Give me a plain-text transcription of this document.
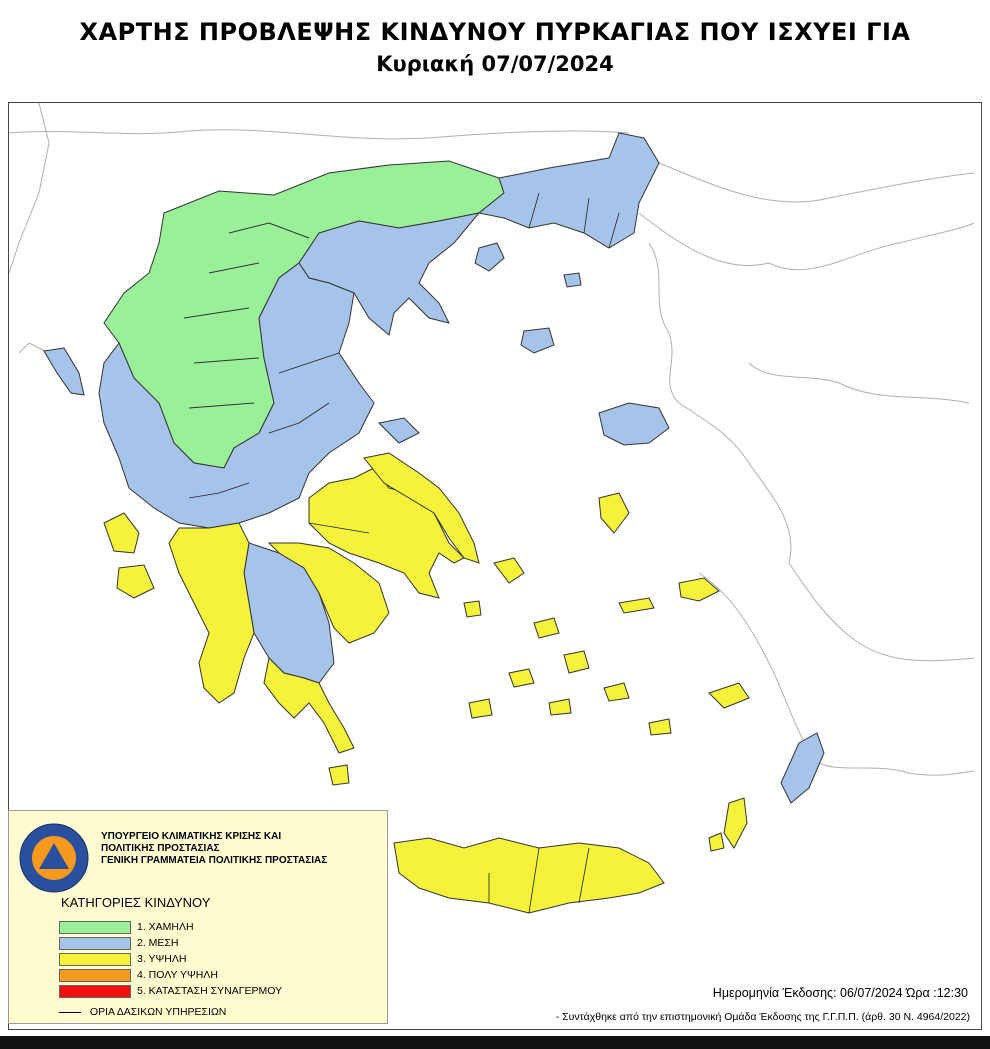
ΧΑΡΤΗΣ ΠΡΟΒΛΕΨΗΣ ΚΙΝΔΥΝΟΥ ΠΥΡΚΑΓΙΑΣ ΠΟΥ ΙΣΧΥΕΙ ΓΙΑ
Κυριακή 07/07/2024
ΥΠΟΥΡΓΕΙΟ ΚΛΙΜΑΤΙΚΗΣ ΚΡΙΣΗΣ ΚΑΙ
ΠΟΛΙΤΙΚΗΣ ΠΡΟΣΤΑΣΙΑΣ
ΓΕΝΙΚΗ ΓΡΑΜΜΑΤΕΙΑ ΠΟΛΙΤΙΚΗΣ ΠΡΟΣΤΑΣΙΑΣ
ΚΑΤΗΓΟΡΙΕΣ ΚΙΝΔΥΝΟΥ
1. ΧΑΜΗΛΗ
2. ΜΕΣΗ
3. ΥΨΗΛΗ
4. ΠΟΛΥ ΥΨΗΛΗ
5. ΚΑΤΑΣΤΑΣΗ ΣΥΝΑΓΕΡΜΟΥ
ΟΡΙΑ ΔΑΣΙΚΩΝ ΥΠΗΡΕΣΙΩΝ
Ημερομηνία Έκδοσης: 06/07/2024 Ώρα :12:30
- Συντάχθηκε από την επιστημονική Ομάδα Έκδοσης της Γ.Γ.Π.Π. (άρθ. 30 Ν. 4964/2022)
